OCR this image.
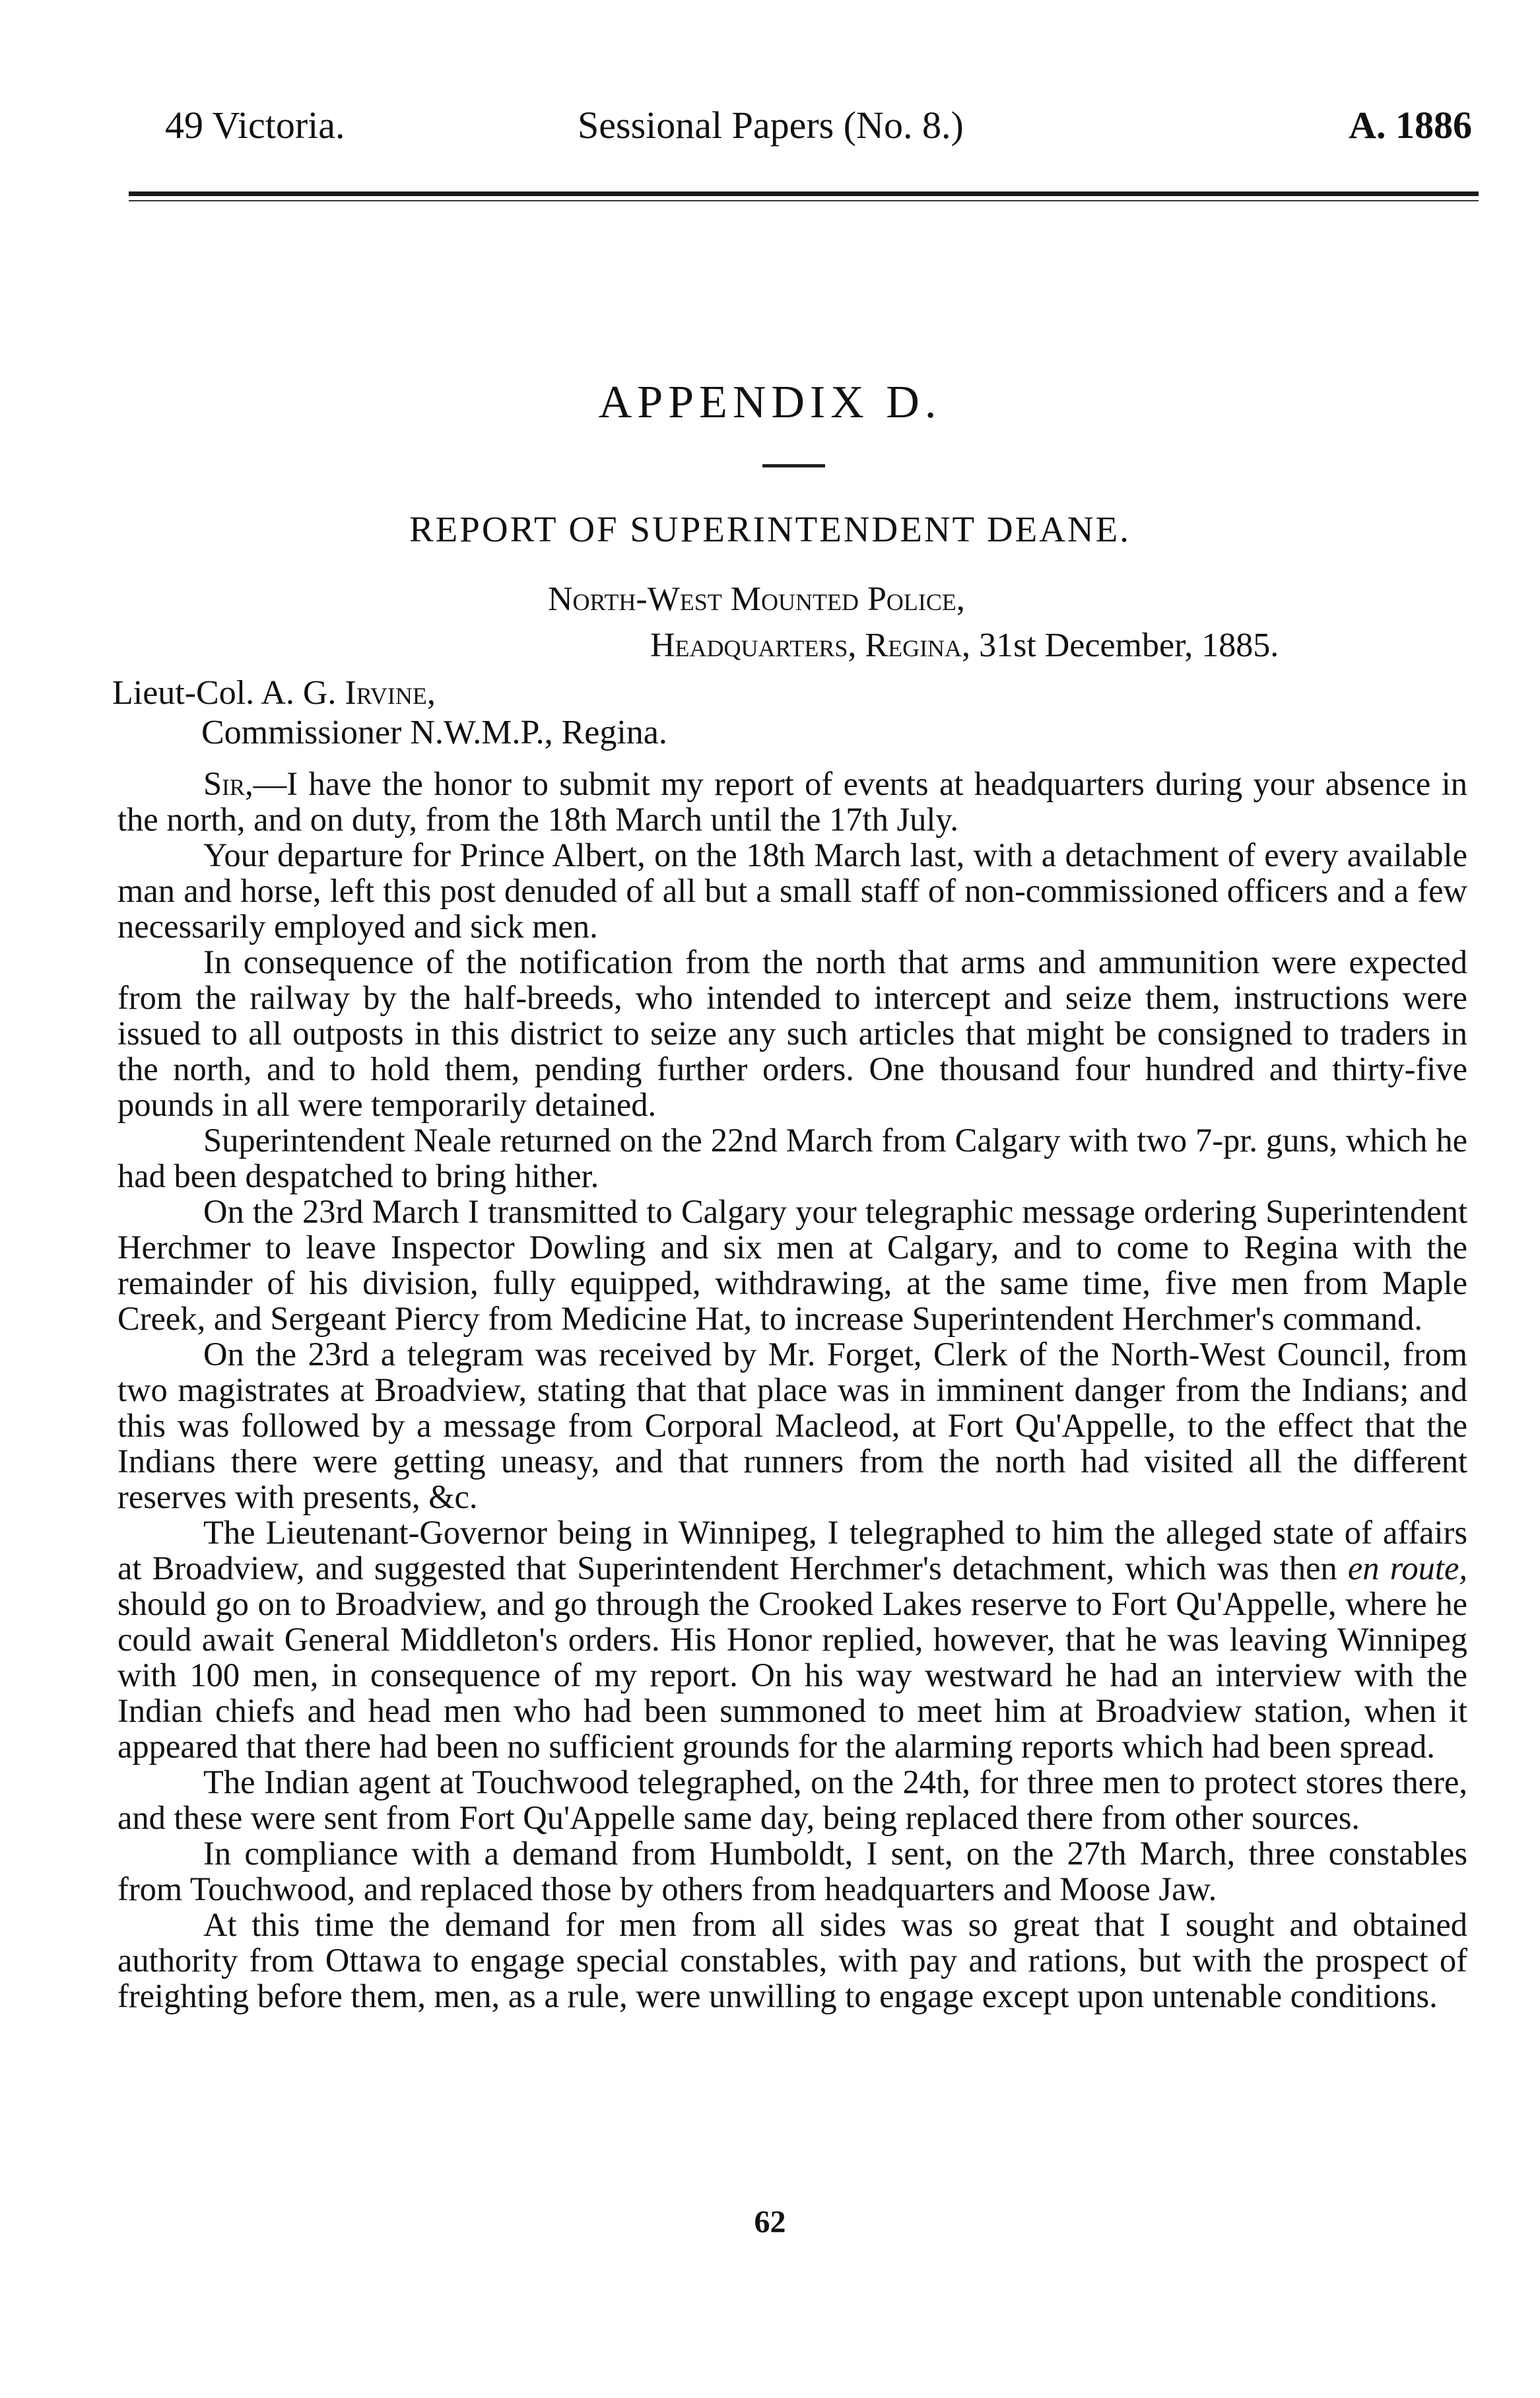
49 Victoria.	Sessional Papers (No. 8.)	A. 1886
APPENDIX D.
REPORT OF SUPERINTENDENT DEANE.
North-West Mounted Police,
Headquarters, Regina, 31st December, 1885.
Lieut-Col. A. G. Irvine,
Commissioner N.W.M.P., Regina.

Sir,—I have the honor to submit my report of events at headquarters during your absence in the north, and on duty, from the 18th March until the 17th July.

Your departure for Prince Albert, on the 18th March last, with a detachment of every available man and horse, left this post denuded of all but a small staff of non-commissioned officers and a few necessarily employed and sick men.

In consequence of the notification from the north that arms and ammunition were expected from the railway by the half-breeds, who intended to intercept and seize them, instructions were issued to all outposts in this district to seize any such articles that might be consigned to traders in the north, and to hold them, pending further orders. One thousand four hundred and thirty-five pounds in all were temporarily detained.

Superintendent Neale returned on the 22nd March from Calgary with two 7-pr. guns, which he had been despatched to bring hither.

On the 23rd March I transmitted to Calgary your telegraphic message ordering Superintendent Herchmer to leave Inspector Dowling and six men at Calgary, and to come to Regina with the remainder of his division, fully equipped, withdrawing, at the same time, five men from Maple Creek, and Sergeant Piercy from Medicine Hat, to increase Superintendent Herchmer's command.

On the 23rd a telegram was received by Mr. Forget, Clerk of the North-West Council, from two magistrates at Broadview, stating that that place was in imminent danger from the Indians; and this was followed by a message from Corporal Macleod, at Fort Qu'Appelle, to the effect that the Indians there were getting uneasy, and that runners from the north had visited all the different reserves with presents, &c.

The Lieutenant-Governor being in Winnipeg, I telegraphed to him the alleged state of affairs at Broadview, and suggested that Superintendent Herchmer's detachment, which was then en route, should go on to Broadview, and go through the Crooked Lakes reserve to Fort Qu'Appelle, where he could await General Middleton's orders. His Honor replied, however, that he was leaving Winnipeg with 100 men, in consequence of my report. On his way westward he had an interview with the Indian chiefs and head men who had been summoned to meet him at Broadview station, when it appeared that there had been no sufficient grounds for the alarming reports which had been spread.

The Indian agent at Touchwood telegraphed, on the 24th, for three men to protect stores there, and these were sent from Fort Qu'Appelle same day, being replaced there from other sources.

In compliance with a demand from Humboldt, I sent, on the 27th March, three constables from Touchwood, and replaced those by others from headquarters and Moose Jaw.

At this time the demand for men from all sides was so great that I sought and obtained authority from Ottawa to engage special constables, with pay and rations, but with the prospect of freighting before them, men, as a rule, were unwilling to engage except upon untenable conditions.

62
